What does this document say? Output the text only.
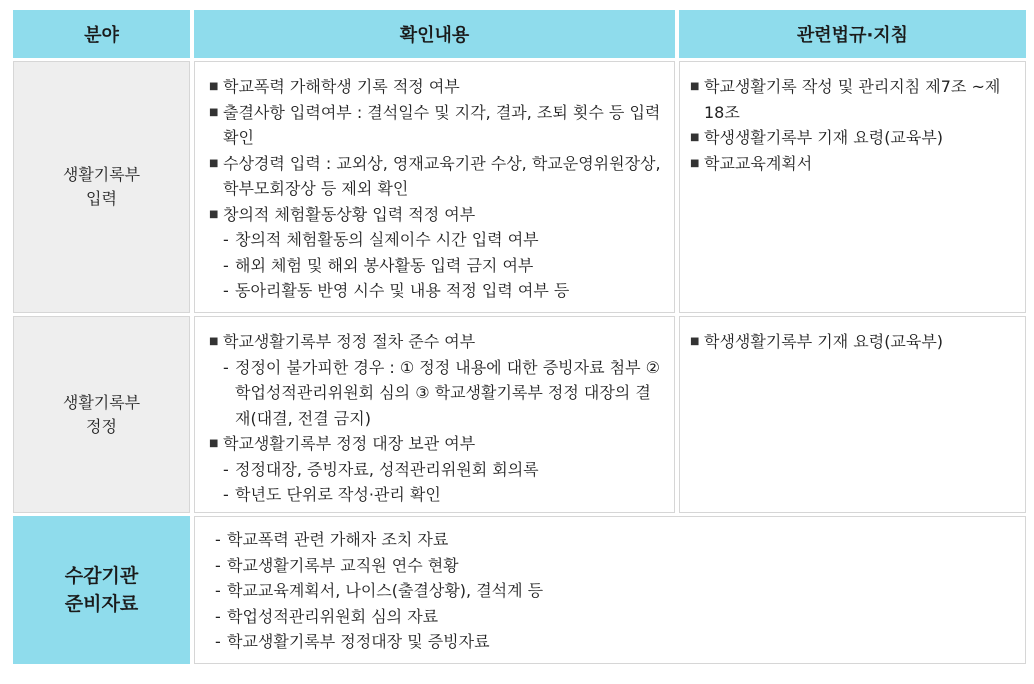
분야	확인내용	관련법규·지침
생활기록부
입력
■ 학교폭력 가해학생 기록 적정 여부
■ 출결사항 입력여부 : 결석일수 및 지각, 결과, 조퇴 횟수 등 입력 확인
■ 수상경력 입력 : 교외상, 영재교육기관 수상, 학교운영위원장상, 학부모회장상 등 제외 확인
■ 창의적 체험활동상황 입력 적정 여부
- 창의적 체험활동의 실제이수 시간 입력 여부
- 해외 체험 및 해외 봉사활동 입력 금지 여부
- 동아리활동 반영 시수 및 내용 적정 입력 여부 등
■ 학교생활기록 작성 및 관리지침 제7조 ~제18조
■ 학생생활기록부 기재 요령(교육부)
■ 학교교육계획서
생활기록부
정정
■ 학교생활기록부 정정 절차 준수 여부
- 정정이 불가피한 경우 : ① 정정 내용에 대한 증빙자료 첨부 ② 학업성적관리위원회 심의 ③ 학교생활기록부 정정 대장의 결재(대결, 전결 금지)
■ 학교생활기록부 정정 대장 보관 여부
- 정정대장, 증빙자료, 성적관리위원회 회의록
- 학년도 단위로 작성·관리 확인
■ 학생생활기록부 기재 요령(교육부)
수감기관
준비자료
- 학교폭력 관련 가해자 조치 자료
- 학교생활기록부 교직원 연수 현황
- 학교교육계획서, 나이스(출결상황), 결석계 등
- 학업성적관리위원회 심의 자료
- 학교생활기록부 정정대장 및 증빙자료
